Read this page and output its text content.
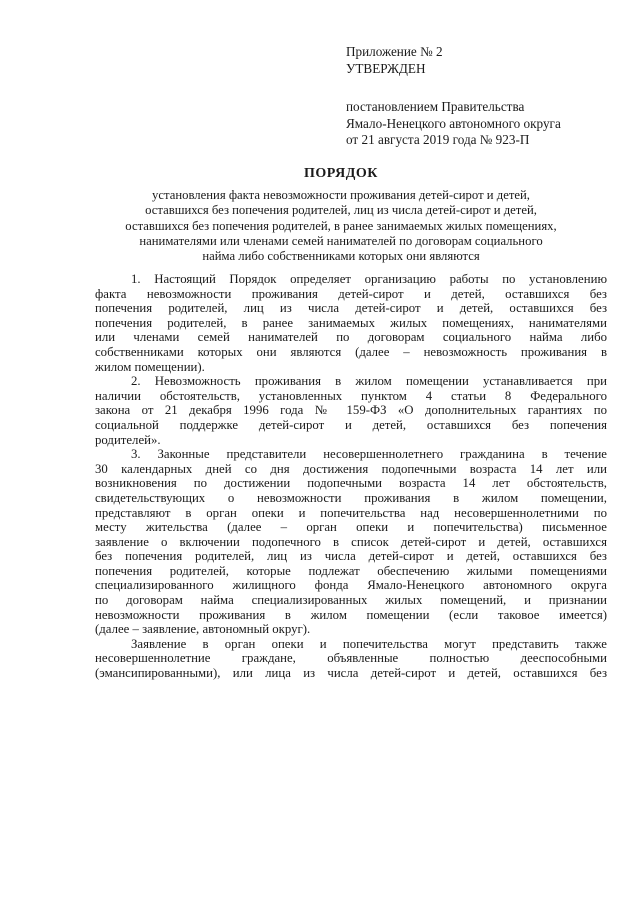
Приложение № 2
УТВЕРЖДЕН
постановлением Правительства
Ямало-Ненецкого автономного округа
от 21 августа 2019 года № 923-П
ПОРЯДОК
установления факта невозможности проживания детей-сирот и детей,
оставшихся без попечения родителей, лиц из числа детей-сирот и детей,
оставшихся без попечения родителей, в ранее занимаемых жилых помещениях,
нанимателями или членами семей нанимателей по договорам социального
найма либо собственниками которых они являются
1. Настоящий Порядок определяет организацию работы по установлению
факта невозможности проживания детей-сирот и детей, оставшихся без
попечения родителей, лиц из числа детей-сирот и детей, оставшихся без
попечения родителей, в ранее занимаемых жилых помещениях, нанимателями
или членами семей нанимателей по договорам социального найма либо
собственниками которых они являются (далее – невозможность проживания в
жилом помещении).
2. Невозможность проживания в жилом помещении устанавливается при
наличии обстоятельств, установленных пунктом 4 статьи 8 Федерального
закона от 21 декабря 1996 года № 159-ФЗ «О дополнительных гарантиях по
социальной поддержке детей-сирот и детей, оставшихся без попечения
родителей».
3. Законные представители несовершеннолетнего гражданина в течение
30 календарных дней со дня достижения подопечными возраста 14 лет или
возникновения по достижении подопечными возраста 14 лет обстоятельств,
свидетельствующих о невозможности проживания в жилом помещении,
представляют в орган опеки и попечительства над несовершеннолетними по
месту жительства (далее – орган опеки и попечительства) письменное
заявление о включении подопечного в список детей-сирот и детей, оставшихся
без попечения родителей, лиц из числа детей-сирот и детей, оставшихся без
попечения родителей, которые подлежат обеспечению жилыми помещениями
специализированного жилищного фонда Ямало-Ненецкого автономного округа
по договорам найма специализированных жилых помещений, и признании
невозможности проживания в жилом помещении (если таковое имеется)
(далее – заявление, автономный округ).
Заявление в орган опеки и попечительства могут представить также
несовершеннолетние граждане, объявленные полностью дееспособными
(эмансипированными), или лица из числа детей-сирот и детей, оставшихся без
